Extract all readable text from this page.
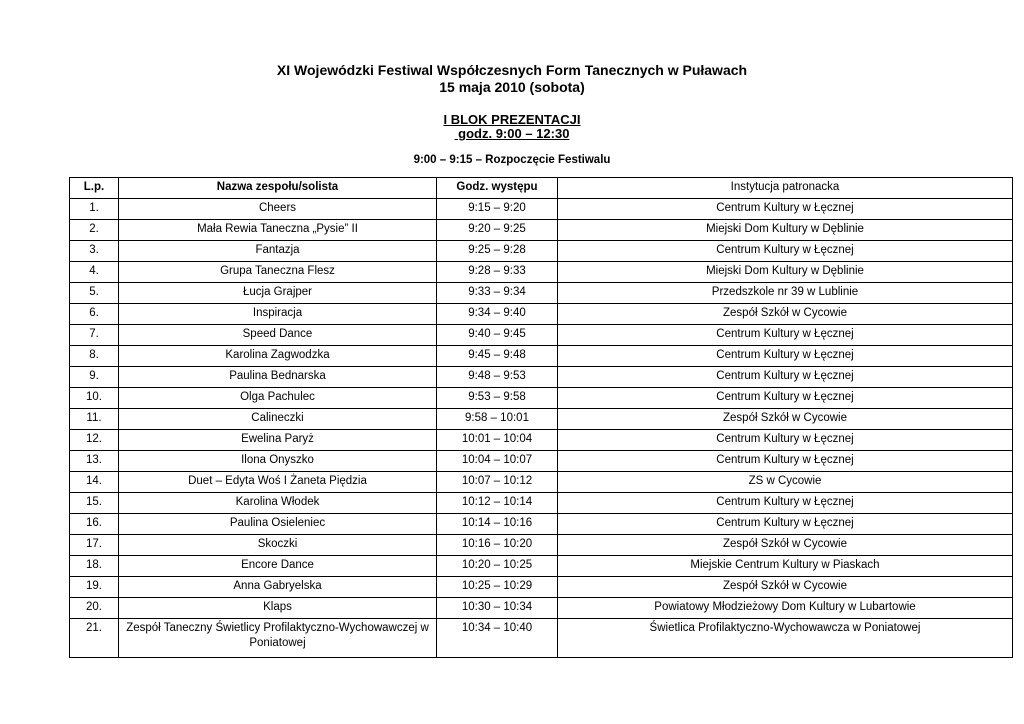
XI Wojewódzki Festiwal Współczesnych Form Tanecznych w Puławach
15 maja 2010 (sobota)
I BLOK PREZENTACJI
godz. 9:00 – 12:30
9:00 – 9:15 – Rozpoczęcie Festiwalu
L.p.	Nazwa zespołu/solista	Godz. występu	Instytucja patronacka
1.	Cheers	9:15 – 9:20	Centrum Kultury w Łęcznej
2.	Mała Rewia Taneczna „Pysie” II	9:20 – 9:25	Miejski Dom Kultury w Dęblinie
3.	Fantazja	9:25 – 9:28	Centrum Kultury w Łęcznej
4.	Grupa Taneczna Flesz	9:28 – 9:33	Miejski Dom Kultury w Dęblinie
5.	Łucja Grajper	9:33 – 9:34	Przedszkole nr 39 w Lublinie
6.	Inspiracja	9:34 – 9:40	Zespół Szkół w Cycowie
7.	Speed Dance	9:40 – 9:45	Centrum Kultury w Łęcznej
8.	Karolina Zagwodzka	9:45 – 9:48	Centrum Kultury w Łęcznej
9.	Paulina Bednarska	9:48 – 9:53	Centrum Kultury w Łęcznej
10.	Olga Pachulec	9:53 – 9:58	Centrum Kultury w Łęcznej
11.	Calineczki	9:58 – 10:01	Zespół Szkół w Cycowie
12.	Ewelina Paryż	10:01 – 10:04	Centrum Kultury w Łęcznej
13.	Ilona Onyszko	10:04 – 10:07	Centrum Kultury w Łęcznej
14.	Duet – Edyta Woś I Żaneta Piędzia	10:07 – 10:12	ZS w Cycowie
15.	Karolina Włodek	10:12 – 10:14	Centrum Kultury w Łęcznej
16.	Paulina Osieleniec	10:14 – 10:16	Centrum Kultury w Łęcznej
17.	Skoczki	10:16 – 10:20	Zespół Szkół w Cycowie
18.	Encore Dance	10:20 – 10:25	Miejskie Centrum Kultury w Piaskach
19.	Anna Gabryelska	10:25 – 10:29	Zespół Szkół w Cycowie
20.	Klaps	10:30 – 10:34	Powiatowy Młodzieżowy Dom Kultury w Lubartowie
21.	Zespół Taneczny Świetlicy Profilaktyczno-Wychowawczej w Poniatowej	10:34 – 10:40	Świetlica Profilaktyczno-Wychowawcza w Poniatowej
